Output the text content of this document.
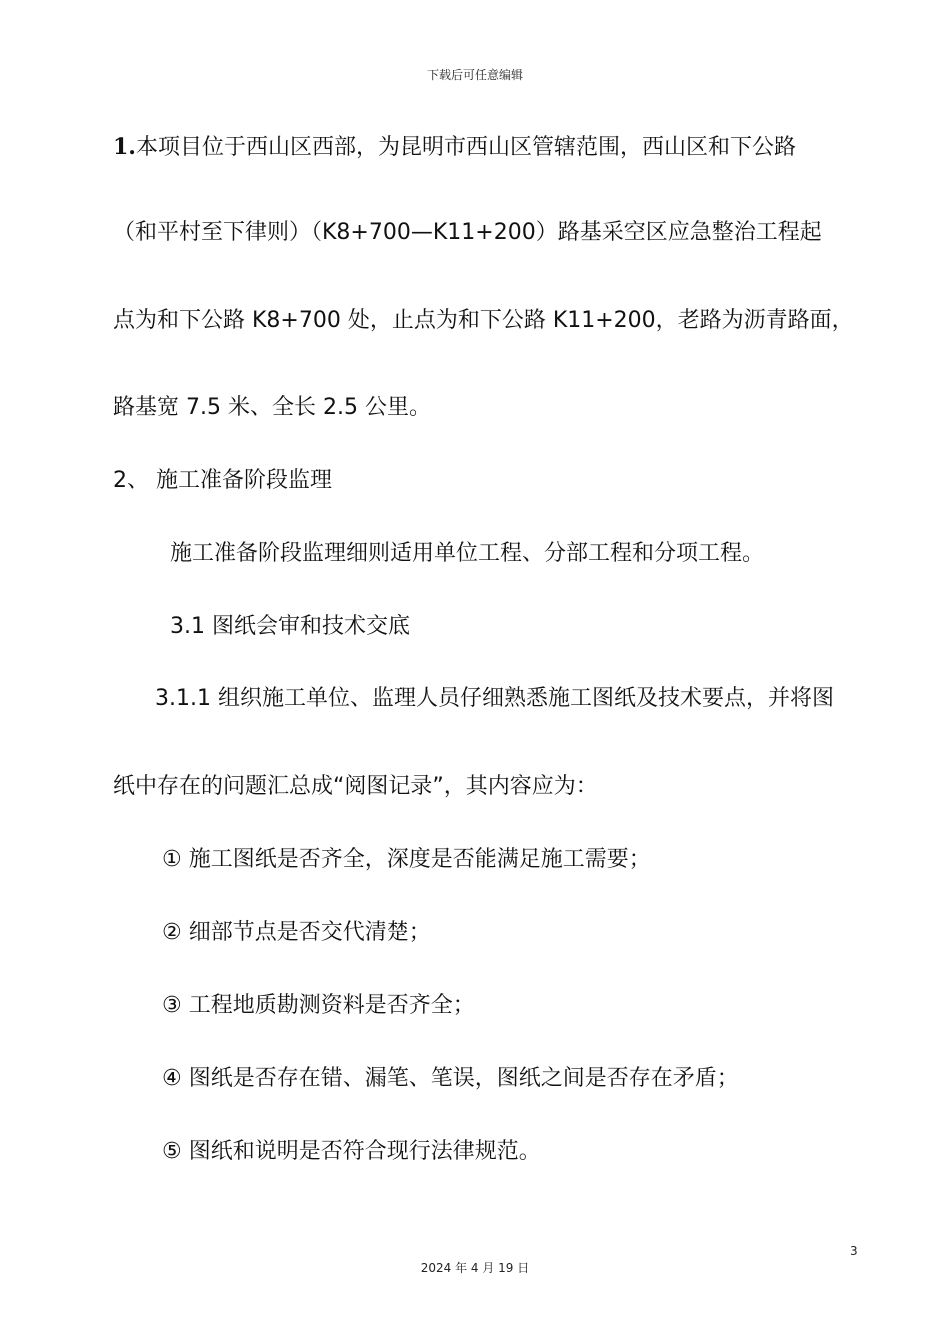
下载后可任意编辑
1.本项目位于西山区西部，为昆明市西山区管辖范围，西山区和下公路
（和平村至下律则）（K8+700—K11+200）路基采空区应急整治工程起
点为和下公路 K8+700 处，止点为和下公路 K11+200，老路为沥青路面，
路基宽 7.5 米、全长 2.5 公里。
2、 施工准备阶段监理
施工准备阶段监理细则适用单位工程、分部工程和分项工程。
3.1 图纸会审和技术交底
3.1.1 组织施工单位、监理人员仔细熟悉施工图纸及技术要点，并将图
纸中存在的问题汇总成“阅图记录”，其内容应为：
① 施工图纸是否齐全，深度是否能满足施工需要；
② 细部节点是否交代清楚；
③ 工程地质勘测资料是否齐全；
④ 图纸是否存在错、漏笔、笔误，图纸之间是否存在矛盾；
⑤ 图纸和说明是否符合现行法律规范。
3
2024 年 4 月 19 日
